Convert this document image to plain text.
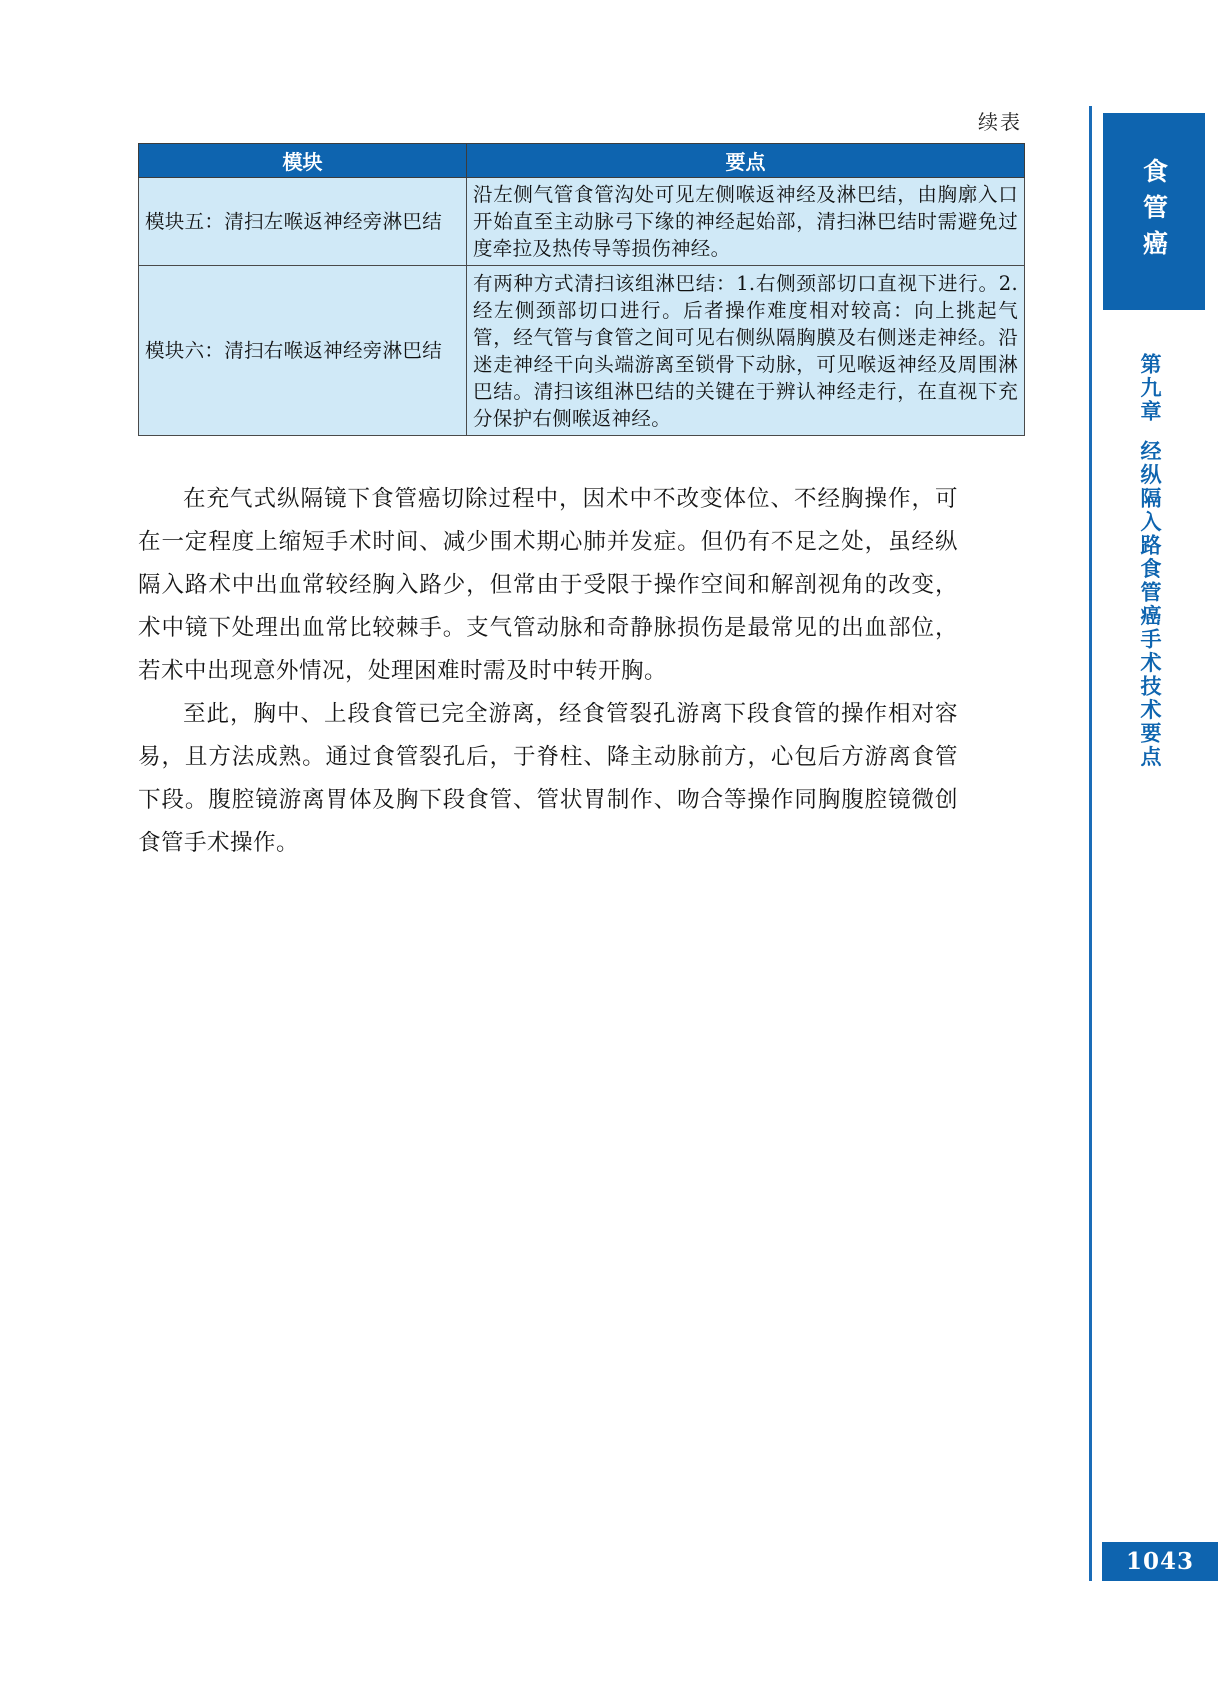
续表
模块	要点
模块五：清扫左喉返神经旁淋巴结	沿左侧气管食管沟处可见左侧喉返神经及淋巴结，由胸廓入口开始直至主动脉弓下缘的神经起始部，清扫淋巴结时需避免过度牵拉及热传导等损伤神经。
模块六：清扫右喉返神经旁淋巴结	有两种方式清扫该组淋巴结：1.右侧颈部切口直视下进行。2.经左侧颈部切口进行。后者操作难度相对较高：向上挑起气管，经气管与食管之间可见右侧纵隔胸膜及右侧迷走神经。沿迷走神经干向头端游离至锁骨下动脉，可见喉返神经及周围淋巴结。清扫该组淋巴结的关键在于辨认神经走行，在直视下充分保护右侧喉返神经。

在充气式纵隔镜下食管癌切除过程中，因术中不改变体位、不经胸操作，可在一定程度上缩短手术时间、减少围术期心肺并发症。但仍有不足之处，虽经纵隔入路术中出血常较经胸入路少，但常由于受限于操作空间和解剖视角的改变，术中镜下处理出血常比较棘手。支气管动脉和奇静脉损伤是最常见的出血部位，若术中出现意外情况，处理困难时需及时中转开胸。

至此，胸中、上段食管已完全游离，经食管裂孔游离下段食管的操作相对容易，且方法成熟。通过食管裂孔后，于脊柱、降主动脉前方，心包后方游离食管下段。腹腔镜游离胃体及胸下段食管、管状胃制作、吻合等操作同胸腹腔镜微创食管手术操作。

食管癌
第九章经纵隔入路食管癌手术技术要点
1043
